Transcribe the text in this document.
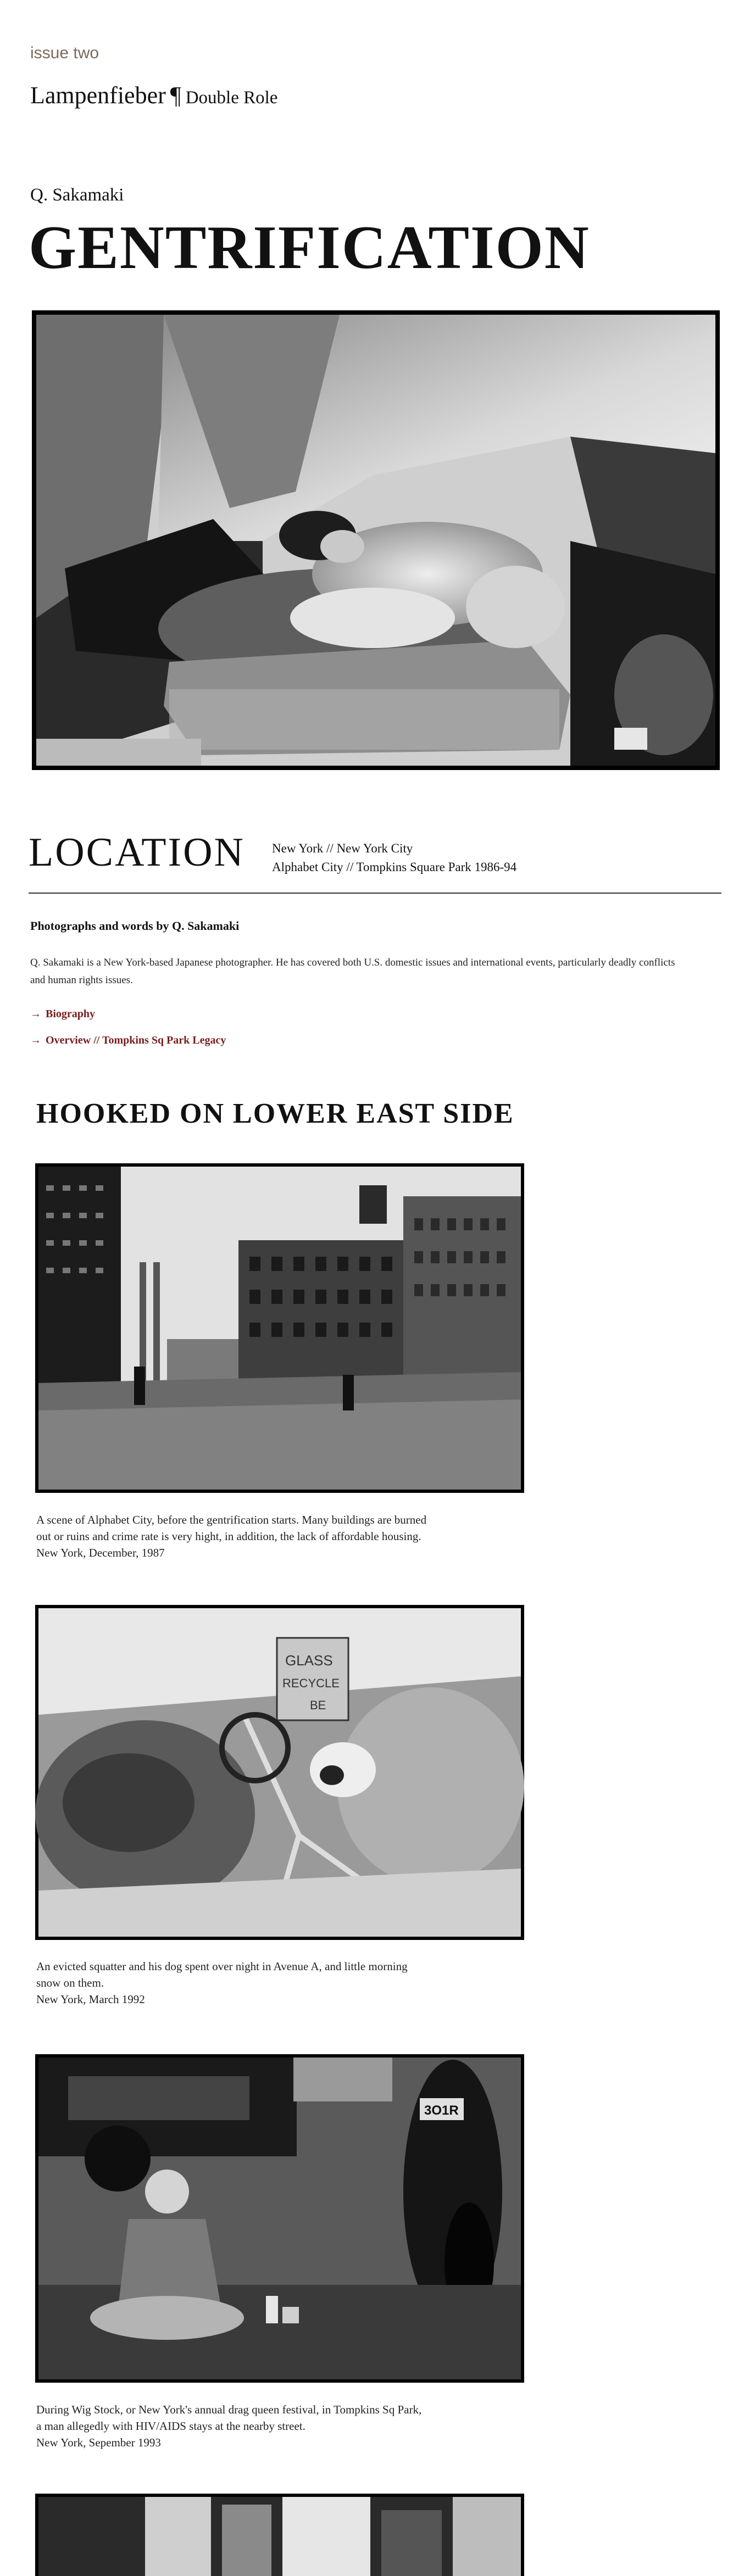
issue two
Lampenfieber ¶ Double Role
Q. Sakamaki
GENTRIFICATION
LOCATION New York // New York City
Alphabet City // Tompkins Square Park 1986-94
Photographs and words by Q. Sakamaki

Q. Sakamaki is a New York-based Japanese photographer. He has covered both U.S. domestic issues and international events, particularly deadly conflicts and human rights issues.

→ Biography
→ Overview // Tompkins Sq Park Legacy
HOOKED ON LOWER EAST SIDE
A scene of Alphabet City, before the gentrification starts. Many buildings are burned
out or ruins and crime rate is very hight, in addition, the lack of affordable housing.
New York, December, 1987
GLASS
RECYCLE
BE
An evicted squatter and his dog spent over night in Avenue A, and little morning
snow on them.
New York, March 1992
3O1R
During Wig Stock, or New York's annual drag queen festival, in Tompkins Sq Park,
a man allegedly with HIV/AIDS stays at the nearby street.
New York, Sepember 1993
